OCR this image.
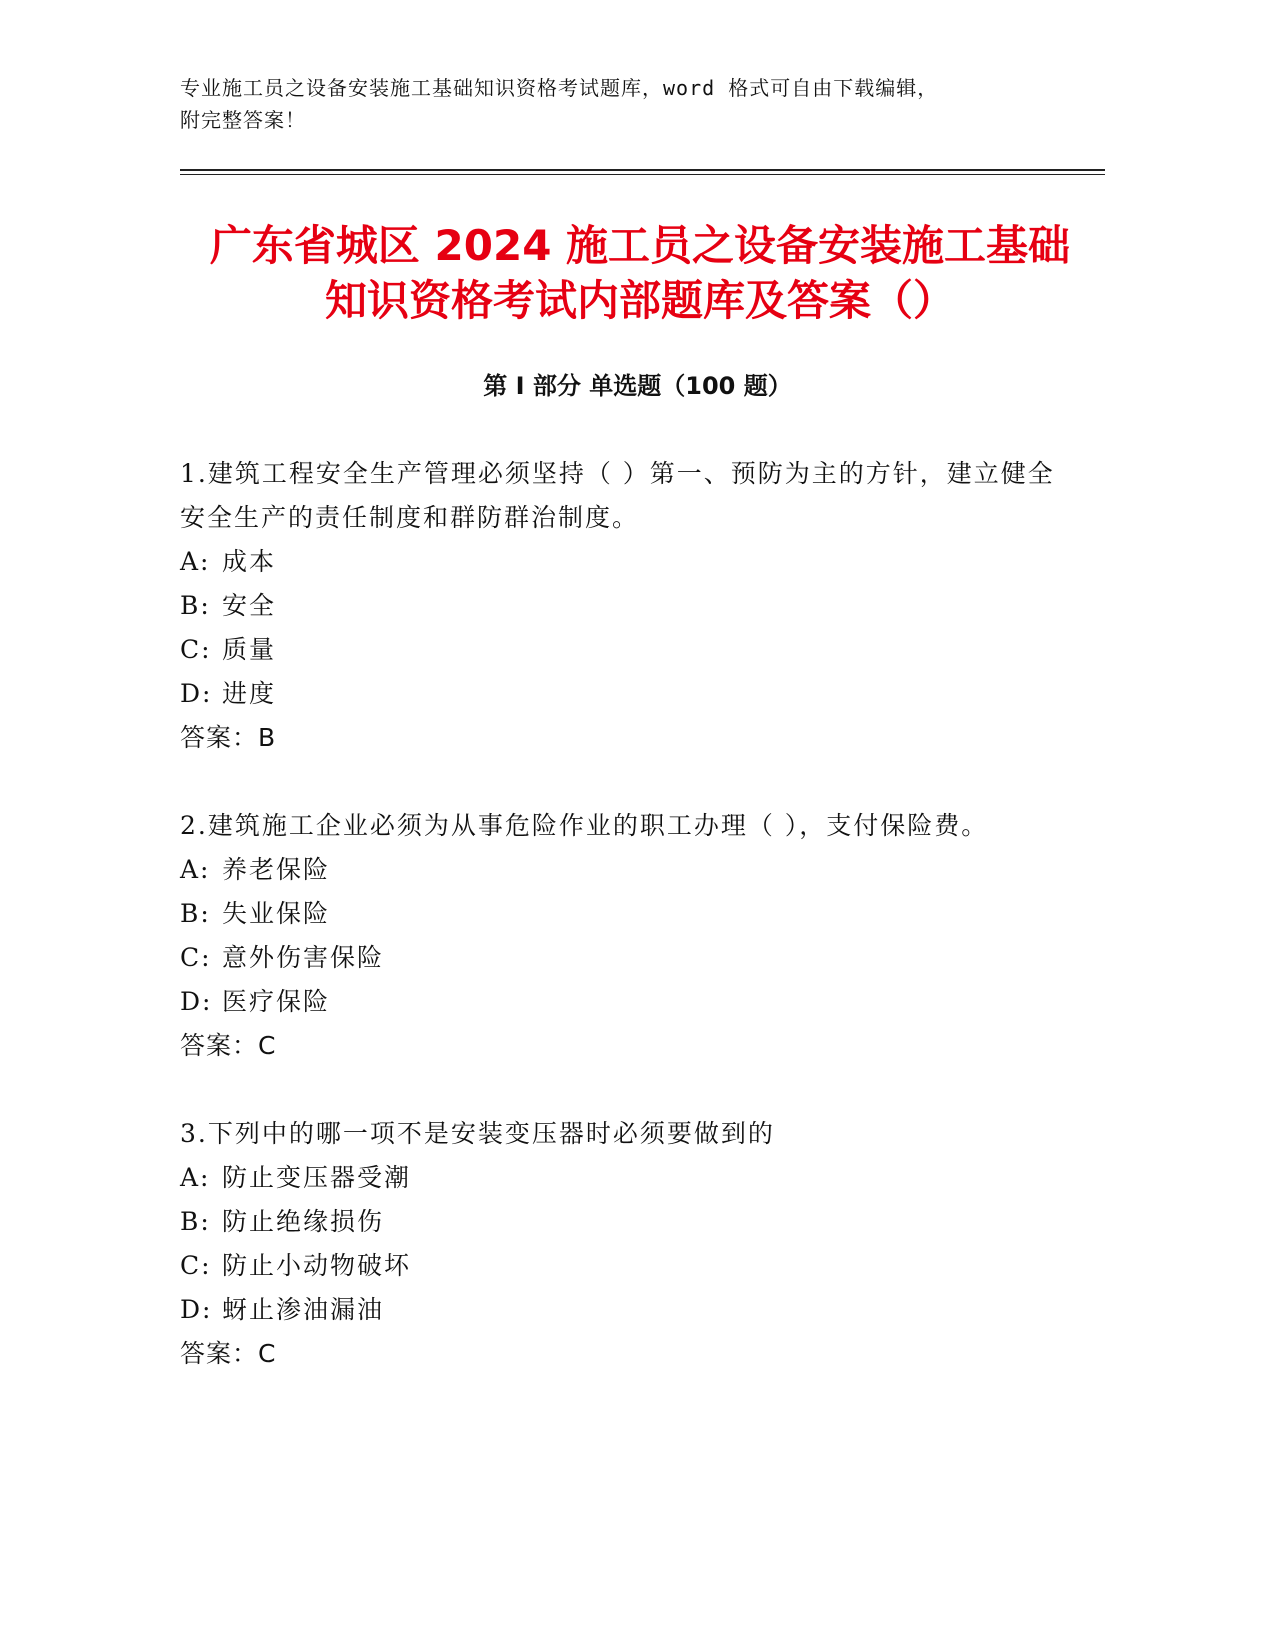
专业施工员之设备安装施工基础知识资格考试题库，word 格式可自由下载编辑，
附完整答案！
广东省城区 2024 施工员之设备安装施工基础
知识资格考试内部题库及答案（）
第 I 部分 单选题（100 题）
1.建筑工程安全生产管理必须坚持（ ）第一、预防为主的方针，建立健全安全生产的责任制度和群防群治制度。
A: 成本
B: 安全
C: 质量
D: 进度
答案：B
2.建筑施工企业必须为从事危险作业的职工办理（ ），支付保险费。
A: 养老保险
B: 失业保险
C: 意外伤害保险
D: 医疗保险
答案：C
3.下列中的哪一项不是安装变压器时必须要做到的
A: 防止变压器受潮
B: 防止绝缘损伤
C: 防止小动物破坏
D: 蚜止渗油漏油
答案：C
